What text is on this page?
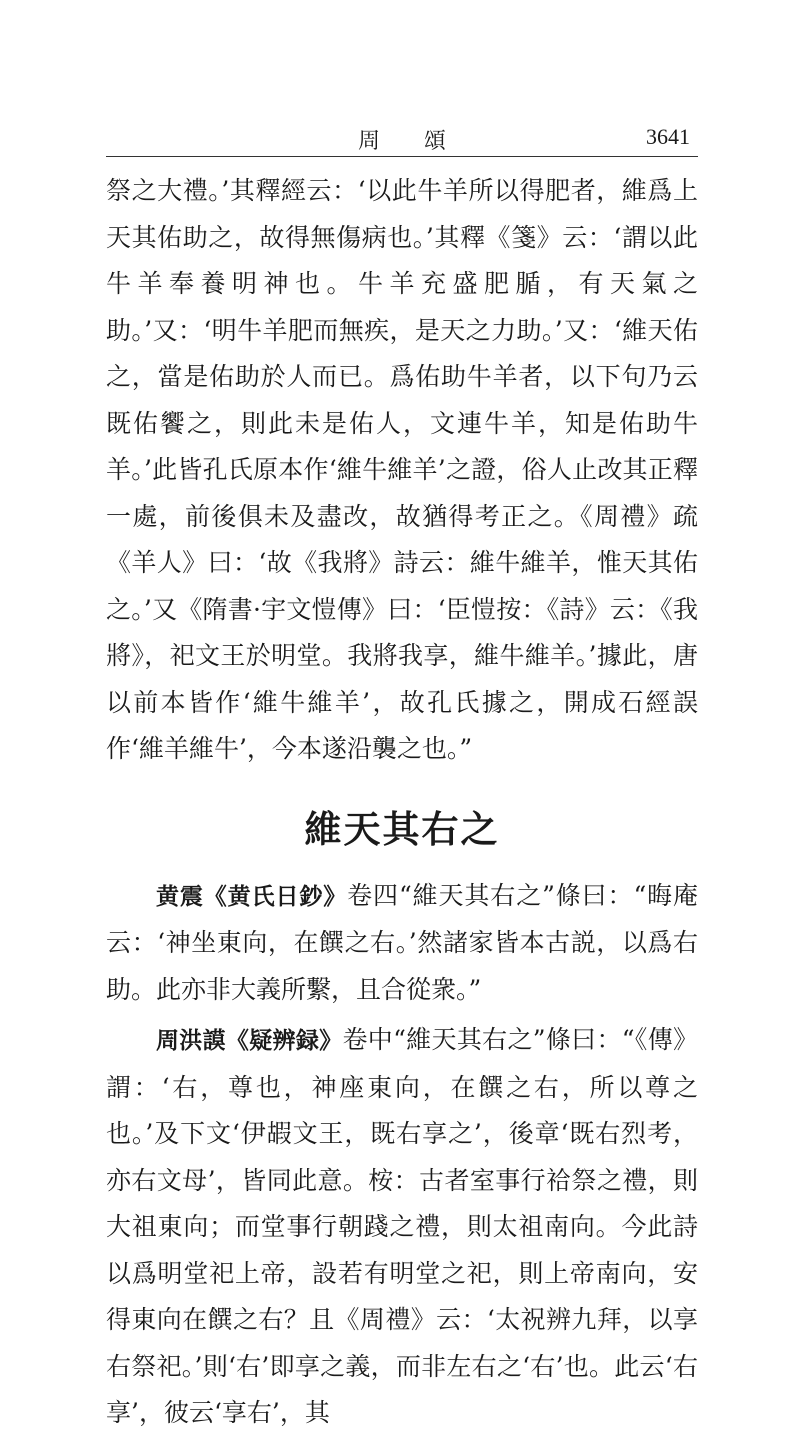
周頌	3641

祭之大禮。’其釋經云：‘以此牛羊所以得肥者，維爲上天其佑助之，故得無傷病也。’其釋《箋》云：‘謂以此牛羊奉養明神也。牛羊充盛肥腯，有天氣之助。’又：‘明牛羊肥而無疾，是天之力助。’又：‘維天佑之，當是佑助於人而已。爲佑助牛羊者，以下句乃云既佑饗之，則此未是佑人，文連牛羊，知是佑助牛羊。’此皆孔氏原本作‘維牛維羊’之證，俗人止改其正釋一處，前後俱未及盡改，故猶得考正之。《周禮》疏《羊人》曰：‘故《我將》詩云：維牛維羊，惟天其佑之。’又《隋書·宇文愷傳》曰：‘臣愷按：《詩》云：《我將》，祀文王於明堂。我將我享，維牛維羊。’據此，唐以前本皆作‘維牛維羊’，故孔氏據之，開成石經誤作‘維羊維牛’，今本遂沿襲之也。”

維天其右之

黄震《黄氏日鈔》卷四“維天其右之”條曰：“晦庵云：‘神坐東向，在饌之右。’然諸家皆本古説，以爲右助。此亦非大義所繫，且合從衆。”

周洪謨《疑辨録》卷中“維天其右之”條曰：“《傳》謂：‘右，尊也，神座東向，在饌之右，所以尊之也。’及下文‘伊嘏文王，既右享之’，後章‘既右烈考，亦右文母’，皆同此意。桉：古者室事行祫祭之禮，則大祖東向；而堂事行朝踐之禮，則太祖南向。今此詩以爲明堂祀上帝，設若有明堂之祀，則上帝南向，安得東向在饌之右？且《周禮》云：‘太祝辨九拜，以享右祭祀。’則‘右’即享之義，而非左右之‘右’也。此云‘右享’，彼云‘享右’，其
